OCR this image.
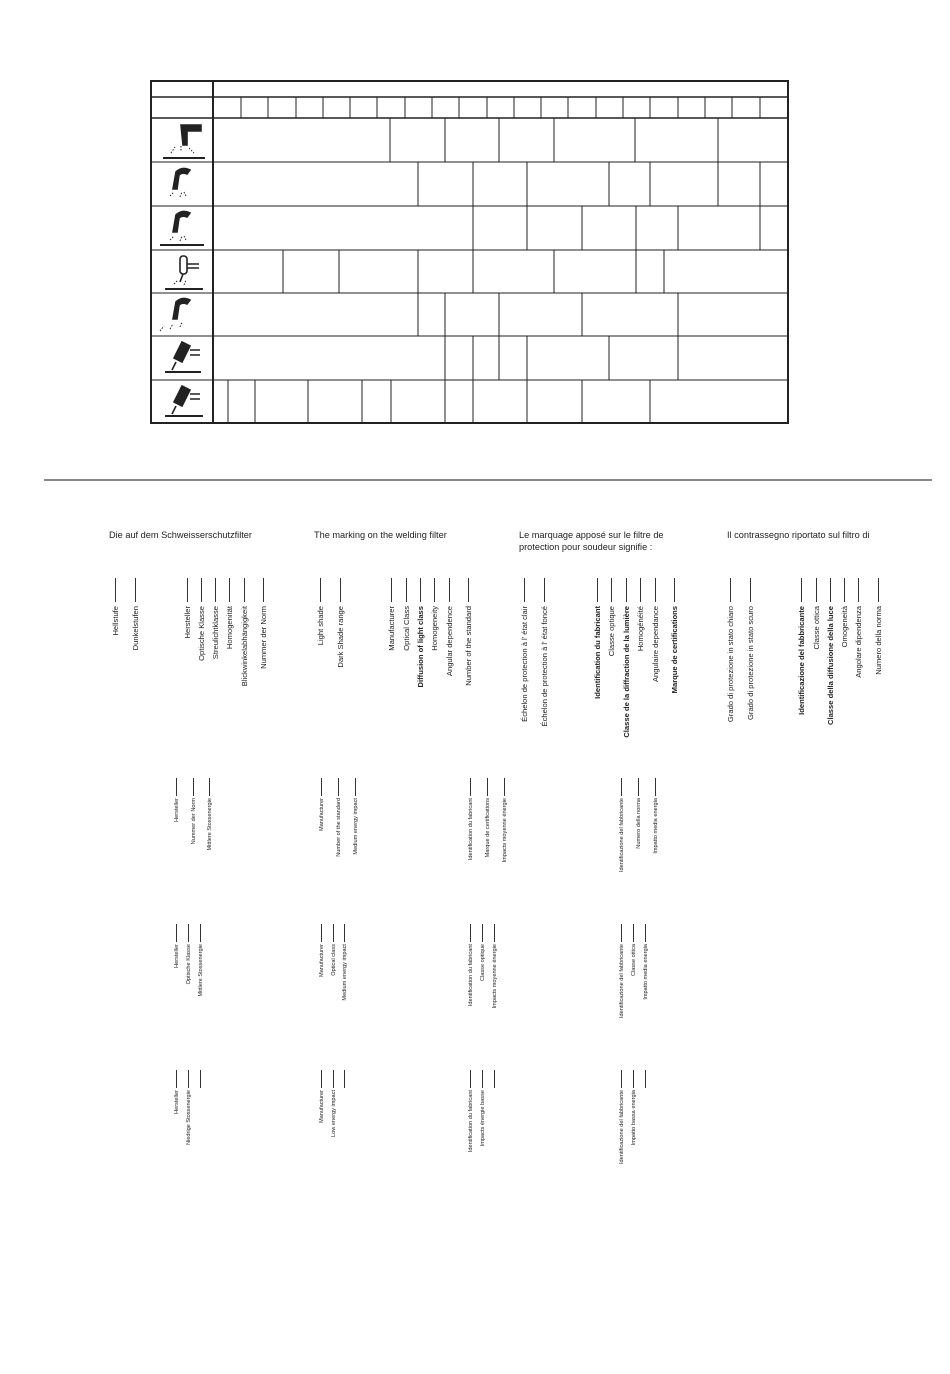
Die auf dem Schweisserschutzfilter	The marking on the welding filter	Le marquage apposé sur le filtre de protection pour soudeur signifie :
Il contrassegno riportato sul filtro di
Hellstufe Dunkelstufen	Hersteller Optische Klasse Streulichtklasse Homogenität Blickwinkelabhängigkeit Nummer der Norm	Light shade Dark Shade range	Manufacturer Optical Class Diffusion of light class Homogeneity Angular dependence Number of the standard	Échelon de protection à l' état clair Échelon de protection à l' état foncé	Identification du fabricant Classe optique Classe de la diffraction de la lumière Homogénéité Angulaire dependance Marque de certifications	Grado di protezione in stato chiaro Grado di protezione in stato scuro	Identificazione del fabbricante Classe ottica Classe della diffusione della luce Omogeneità Angolare dipendenza Numero della norma
Hersteller	Nummer der Norm	Mittlere Stossenergie	Manufacturer	Number of the standard	Medium energy impact	Identification du fabricant	Marque de certifications	Impacts moyenne énergie	Identificazione del fabbricante	Numero della norma	Impatto media energia
Hersteller	Optische Klasse	Mittlere Stossenergie	Manufacturer	Optical class Medium energy impact	Identification du fabricant	Classe optique	Impacts moyenne énergie	Identificazione del fabbricante	Classe ottica	Impatto media energia
Hersteller	Niedrige Stossenergie	Manufacturer	Low energy impact	Identification du fabricant	Impacts énergie basse	Identificazione del fabbricante	Impatto bassa energia
